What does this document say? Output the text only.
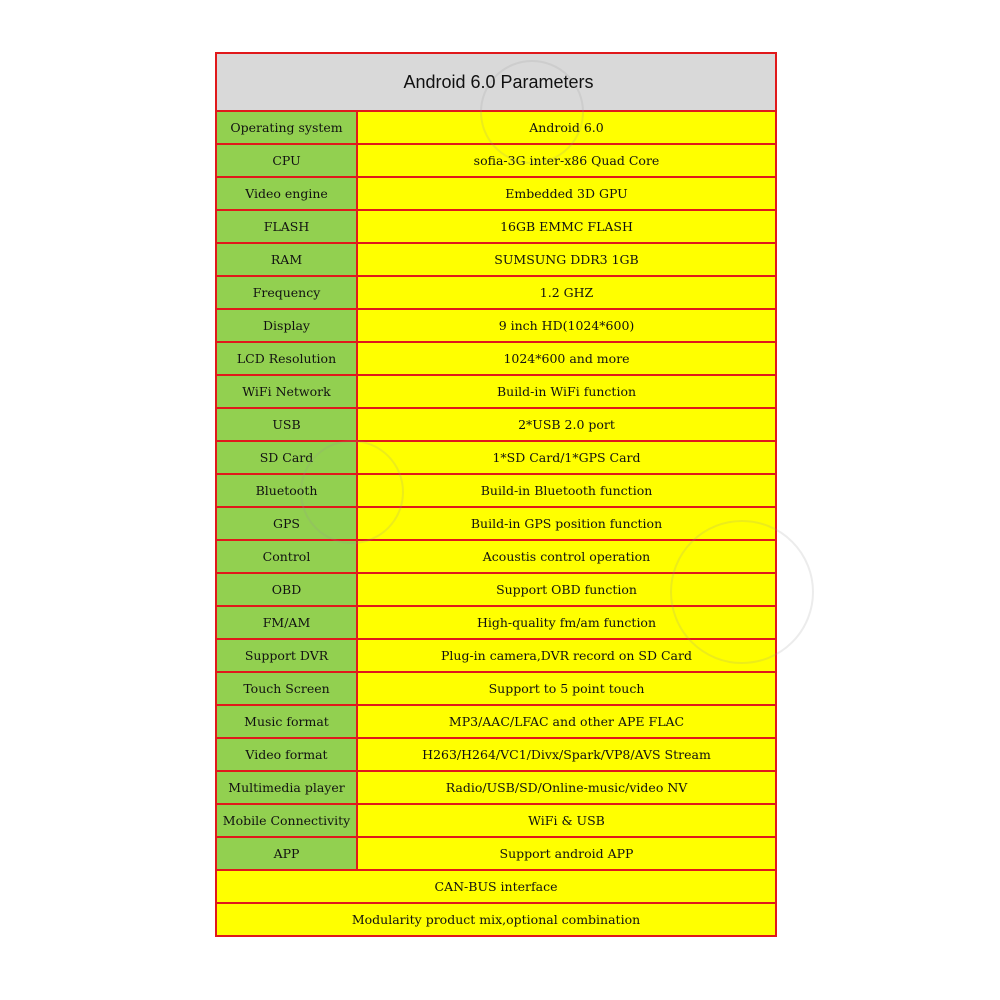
Android 6.0 Parameters
Operating system	Android 6.0
CPU	sofia-3G inter-x86 Quad Core
Video engine	Embedded 3D GPU
FLASH	16GB EMMC FLASH
RAM	SUMSUNG DDR3 1GB
Frequency	1.2 GHZ
Display	9 inch HD(1024*600)
LCD Resolution	1024*600 and more
WiFi Network	Build-in WiFi function
USB	2*USB 2.0 port
SD Card	1*SD Card/1*GPS Card
Bluetooth	Build-in Bluetooth function
GPS	Build-in GPS position function
Control	Acoustis control operation
OBD	Support OBD function
FM/AM	High-quality fm/am function
Support DVR	Plug-in camera,DVR record on SD Card
Touch Screen	Support to 5 point touch
Music format	MP3/AAC/LFAC and other APE FLAC
Video format	H263/H264/VC1/Divx/Spark/VP8/AVS Stream
Multimedia player	Radio/USB/SD/Online-music/video NV
Mobile Connectivity	WiFi & USB
APP	Support android APP
CAN-BUS interface
Modularity product mix,optional combination
